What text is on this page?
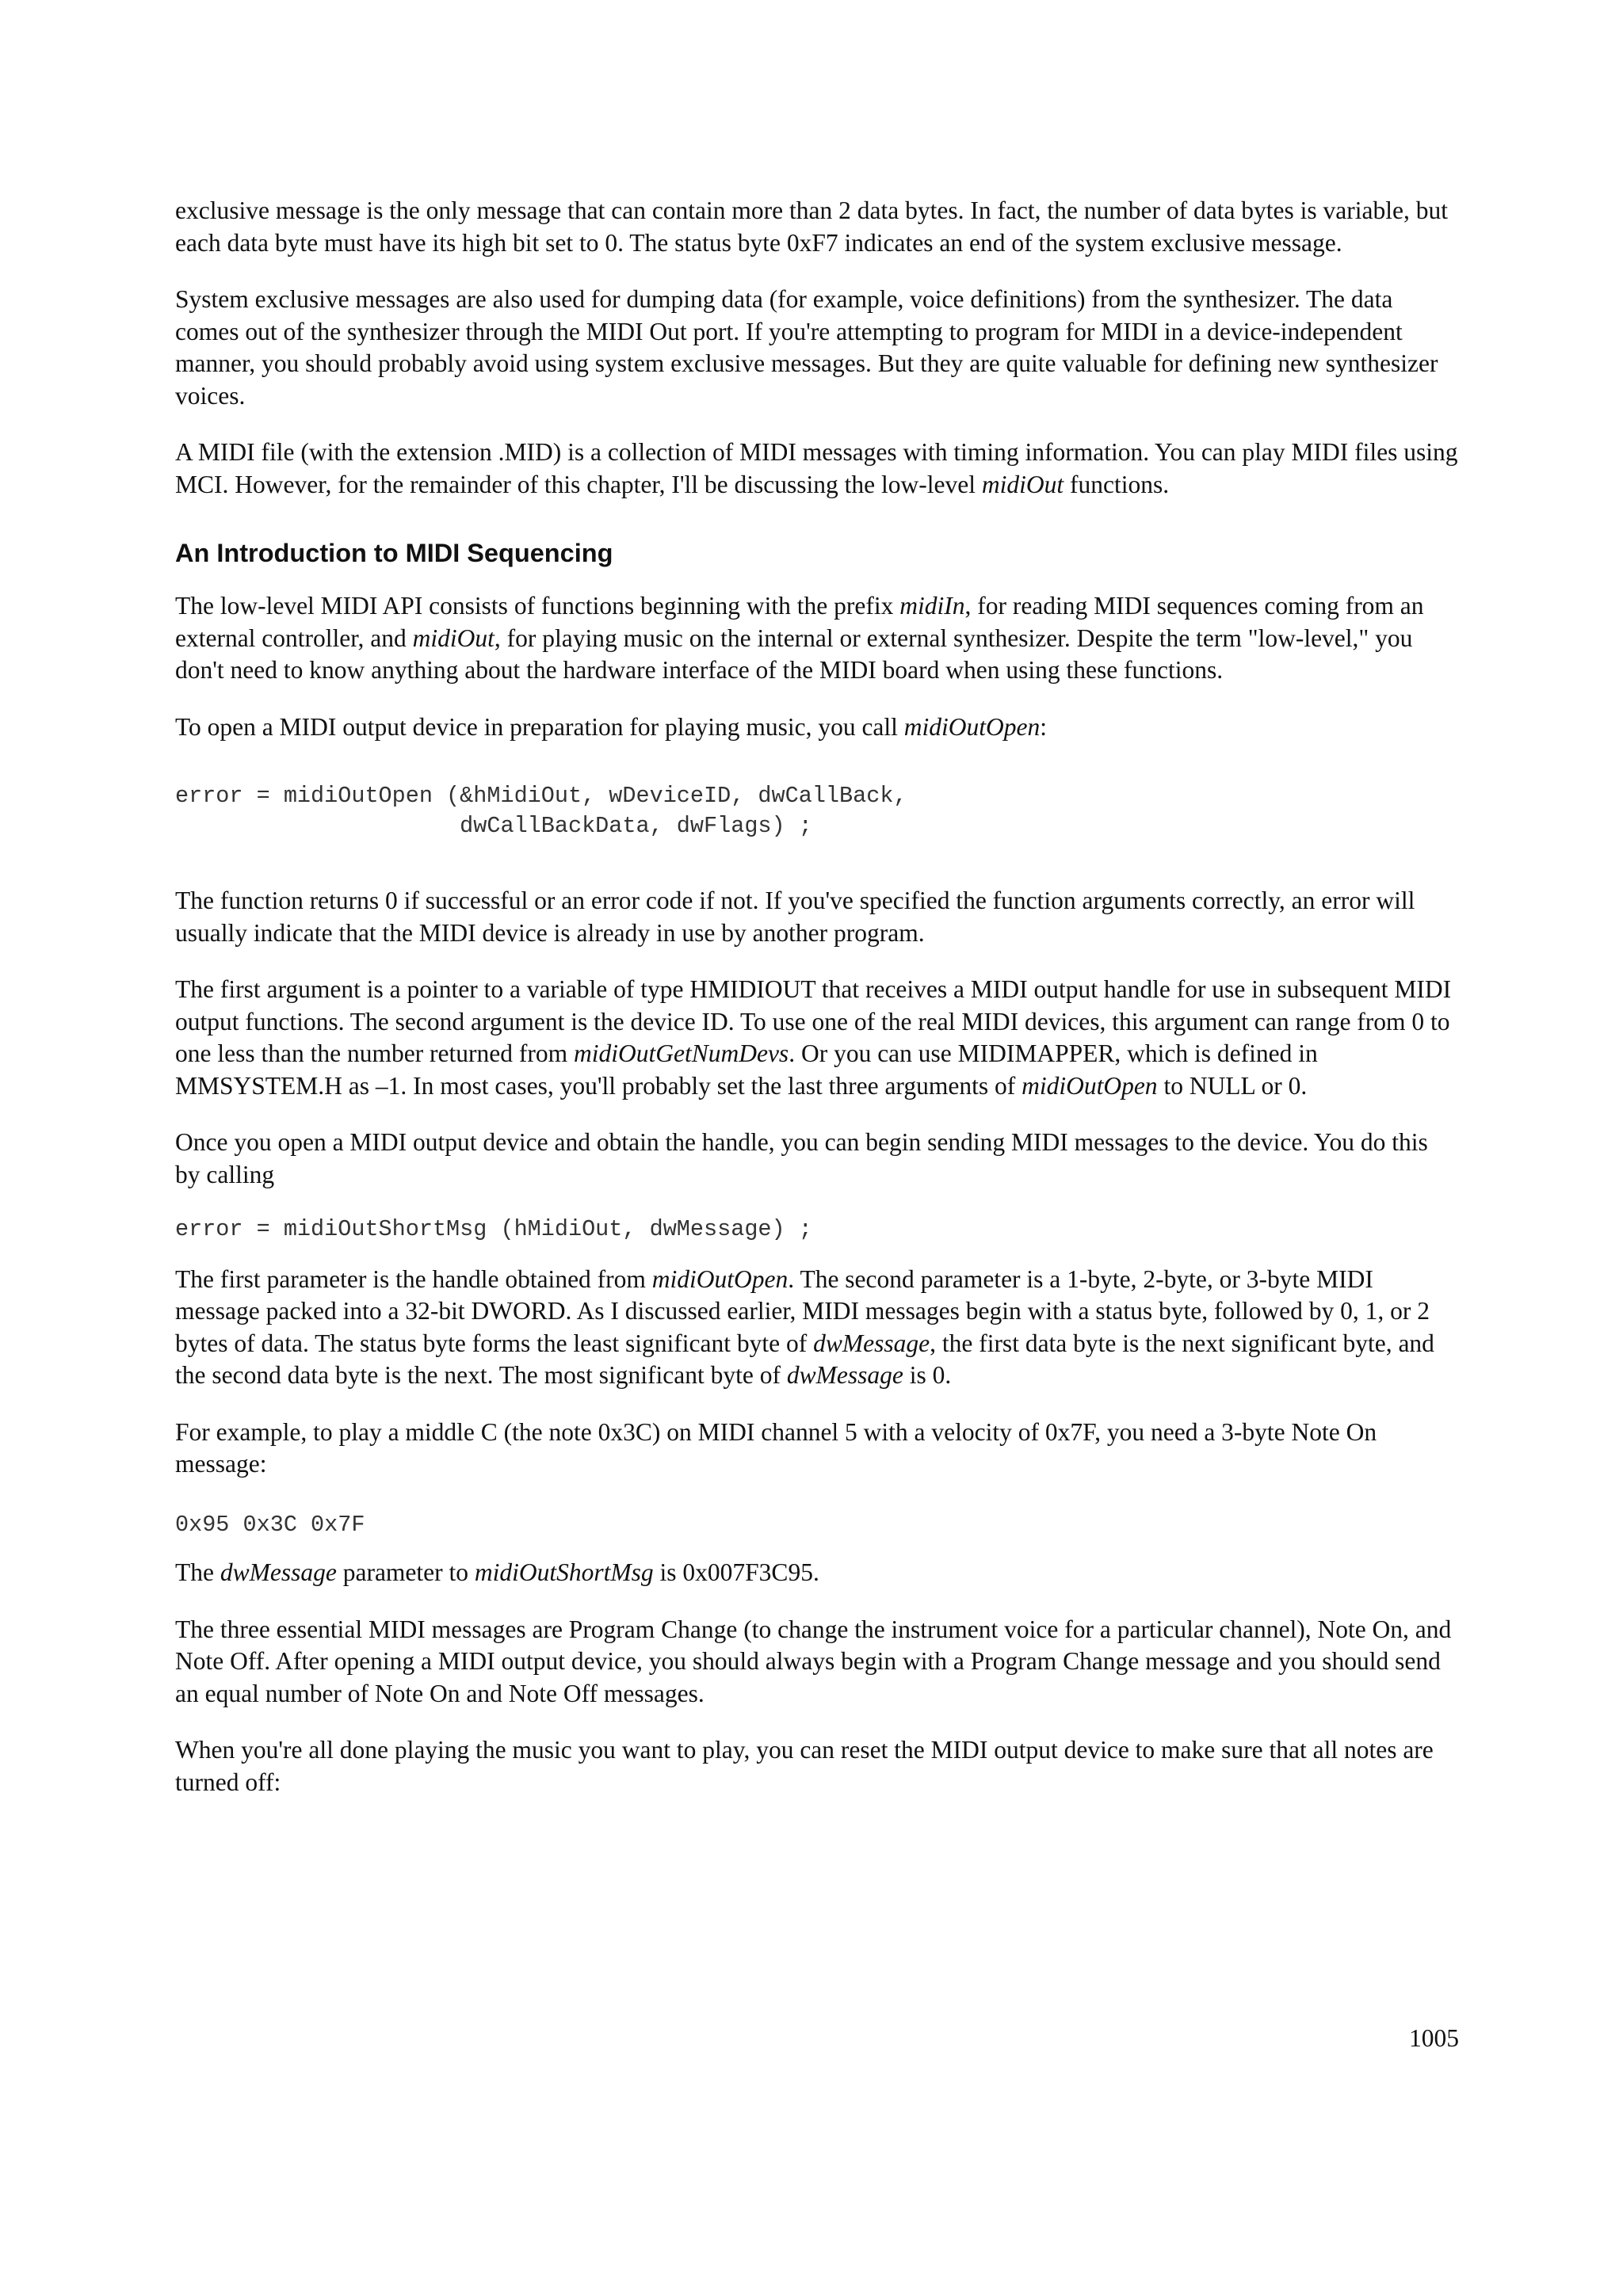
exclusive message is the only message that can contain more than 2 data bytes. In fact, the number of data bytes is variable, but each data byte must have its high bit set to 0. The status byte 0xF7 indicates an end of the system exclusive message.

System exclusive messages are also used for dumping data (for example, voice definitions) from the synthesizer. The data comes out of the synthesizer through the MIDI Out port. If you're attempting to program for MIDI in a device-independent manner, you should probably avoid using system exclusive messages. But they are quite valuable for defining new synthesizer voices.

A MIDI file (with the extension .MID) is a collection of MIDI messages with timing information. You can play MIDI files using MCI. However, for the remainder of this chapter, I'll be discussing the low-level midiOut functions.

An Introduction to MIDI Sequencing

The low-level MIDI API consists of functions beginning with the prefix midiIn, for reading MIDI sequences coming from an external controller, and midiOut, for playing music on the internal or external synthesizer. Despite the term "low-level," you don't need to know anything about the hardware interface of the MIDI board when using these functions.

To open a MIDI output device in preparation for playing music, you call midiOutOpen:

error = midiOutOpen (&hMidiOut, wDeviceID, dwCallBack,
dwCallBackData, dwFlags) ;

The function returns 0 if successful or an error code if not. If you've specified the function arguments correctly, an error will usually indicate that the MIDI device is already in use by another program.

The first argument is a pointer to a variable of type HMIDIOUT that receives a MIDI output handle for use in subsequent MIDI output functions. The second argument is the device ID. To use one of the real MIDI devices, this argument can range from 0 to one less than the number returned from midiOutGetNumDevs. Or you can use MIDIMAPPER, which is defined in MMSYSTEM.H as –1. In most cases, you'll probably set the last three arguments of midiOutOpen to NULL or 0.

Once you open a MIDI output device and obtain the handle, you can begin sending MIDI messages to the device. You do this by calling

error = midiOutShortMsg (hMidiOut, dwMessage) ;

The first parameter is the handle obtained from midiOutOpen. The second parameter is a 1-byte, 2-byte, or 3-byte MIDI message packed into a 32-bit DWORD. As I discussed earlier, MIDI messages begin with a status byte, followed by 0, 1, or 2 bytes of data. The status byte forms the least significant byte of dwMessage, the first data byte is the next significant byte, and the second data byte is the next. The most significant byte of dwMessage is 0.

For example, to play a middle C (the note 0x3C) on MIDI channel 5 with a velocity of 0x7F, you need a 3-byte Note On message:

0x95 0x3C 0x7F

The dwMessage parameter to midiOutShortMsg is 0x007F3C95.

The three essential MIDI messages are Program Change (to change the instrument voice for a particular channel), Note On, and Note Off. After opening a MIDI output device, you should always begin with a Program Change message and you should send an equal number of Note On and Note Off messages.

When you're all done playing the music you want to play, you can reset the MIDI output device to make sure that all notes are turned off:

1005
